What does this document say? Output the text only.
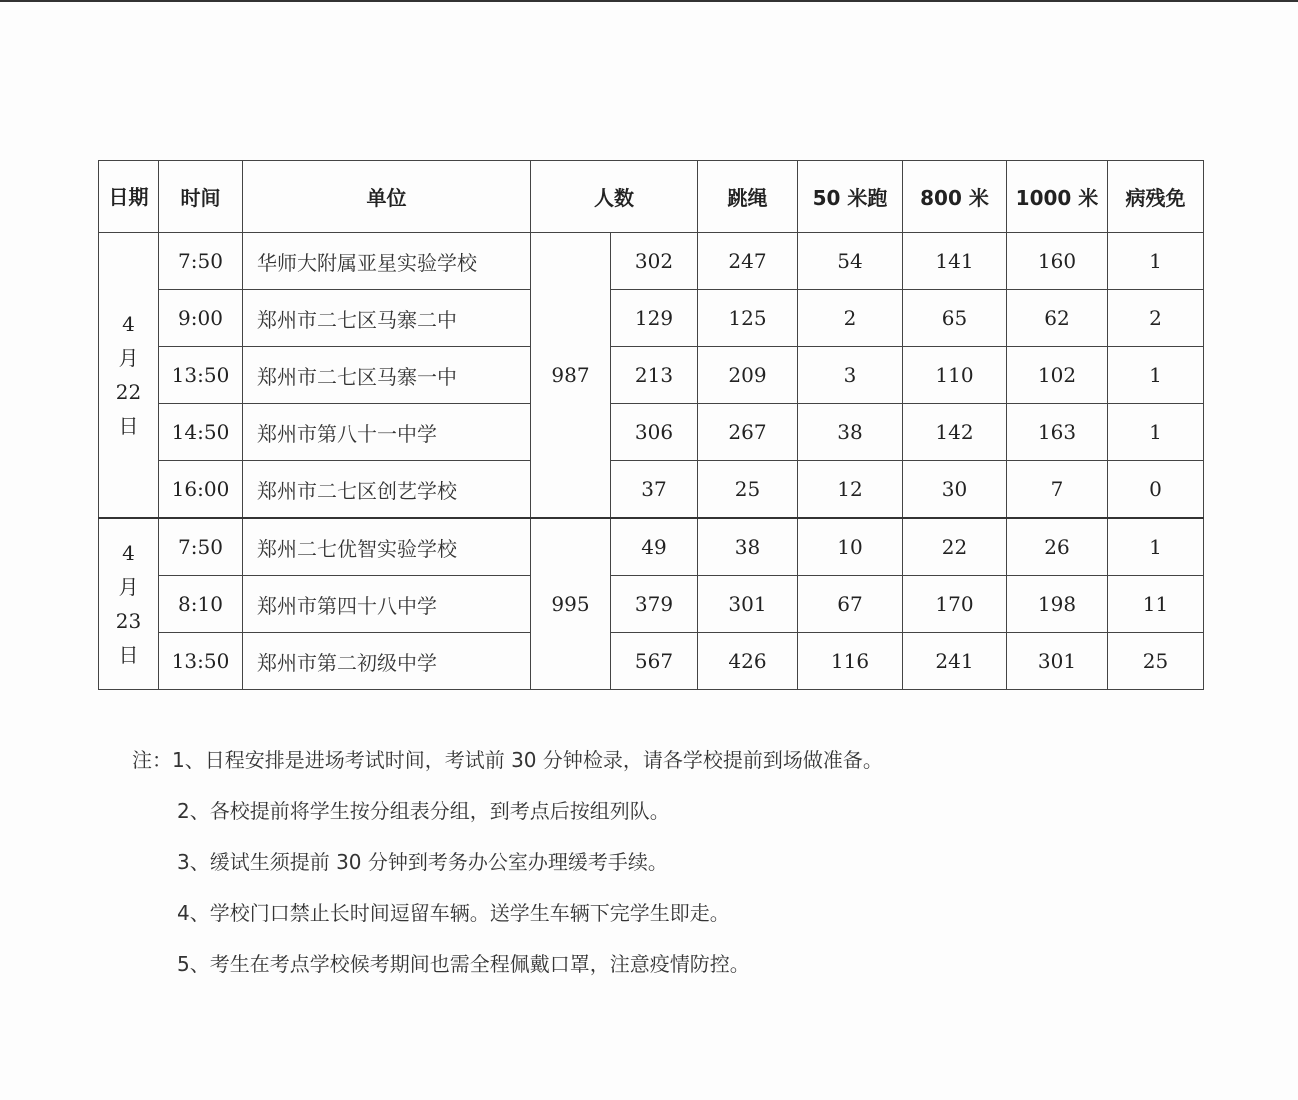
日期	时间	单位	人数		跳绳	50 米跑	800 米	1000 米	病残免
4
月
22
日	7:50	华师大附属亚星实验学校	987	302	247	54	141	160	1
	9:00	郑州市二七区马寨二中		129	125	2	65	62	2
	13:50	郑州市二七区马寨一中		213	209	3	110	102	1
	14:50	郑州市第八十一中学		306	267	38	142	163	1
	16:00	郑州市二七区创艺学校		37	25	12	30	7	0
4
月
23
日	7:50	郑州二七优智实验学校	995	49	38	10	22	26	1
	8:10	郑州市第四十八中学		379	301	67	170	198	11
	13:50	郑州市第二初级中学		567	426	116	241	301	25
注：1、日程安排是进场考试时间，考试前 30 分钟检录，请各学校提前到场做准备。
2、各校提前将学生按分组表分组，到考点后按组列队。
3、缓试生须提前 30 分钟到考务办公室办理缓考手续。
4、学校门口禁止长时间逗留车辆。送学生车辆下完学生即走。
5、考生在考点学校候考期间也需全程佩戴口罩，注意疫情防控。
